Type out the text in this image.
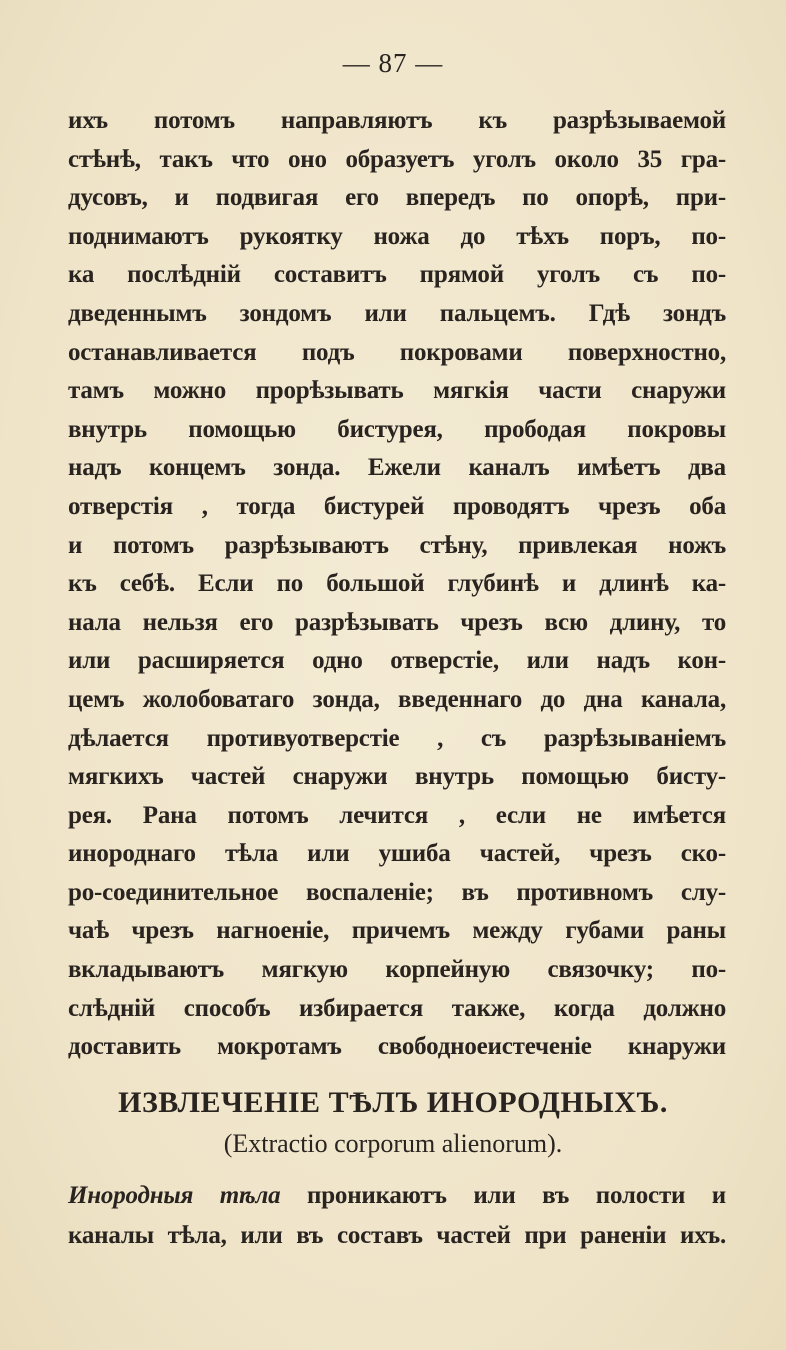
— 87 —
ихъ потомъ направляютъ къ разрѣзываемой
стѣнѣ, такъ что оно образуетъ уголъ около 35 гра-
дусовъ, и подвигая его впередъ по опорѣ, при-
поднимаютъ рукоятку ножа до тѣхъ поръ, по-
ка послѣднiй составитъ прямой уголъ съ по-
дведеннымъ зондомъ или пальцемъ. Гдѣ зондъ
останавливается подъ покровами поверхностно,
тамъ можно прорѣзывать мягкiя части снаружи
внутрь помощью бистурея, прободая покровы
надъ концемъ зонда. Ежели каналъ имѣетъ два
отверстiя , тогда бистурей проводятъ чрезъ оба
и потомъ разрѣзываютъ стѣну, привлекая ножъ
къ себѣ. Если по большой глубинѣ и длинѣ ка-
нала нельзя его разрѣзывать чрезъ всю длину, то
или расширяется одно отверстiе, или надъ кон-
цемъ жолобоватаго зонда, введеннаго до дна канала,
дѣлается противуотверстiе , съ разрѣзыванiемъ
мягкихъ частей снаружи внутрь помощью бисту-
рея. Рана потомъ лечится , если не имѣется
инороднаго тѣла или ушиба частей, чрезъ ско-
ро-соединительное воспаленiе; въ противномъ слу-
чаѣ чрезъ нагноенiе, причемъ между губами раны
вкладываютъ мягкую корпейную связочку; по-
слѣднiй способъ избирается также, когда должно
доставить мокротамъ свободноеистеченiе кнаружи
ИЗВЛЕЧЕНIЕ ТѢЛЪ ИНОРОДНЫХЪ.
(Extractio corporum alienorum).
Инородныя тѣла проникаютъ или въ полости и
каналы тѣла, или въ составъ частей при раненiи ихъ.
